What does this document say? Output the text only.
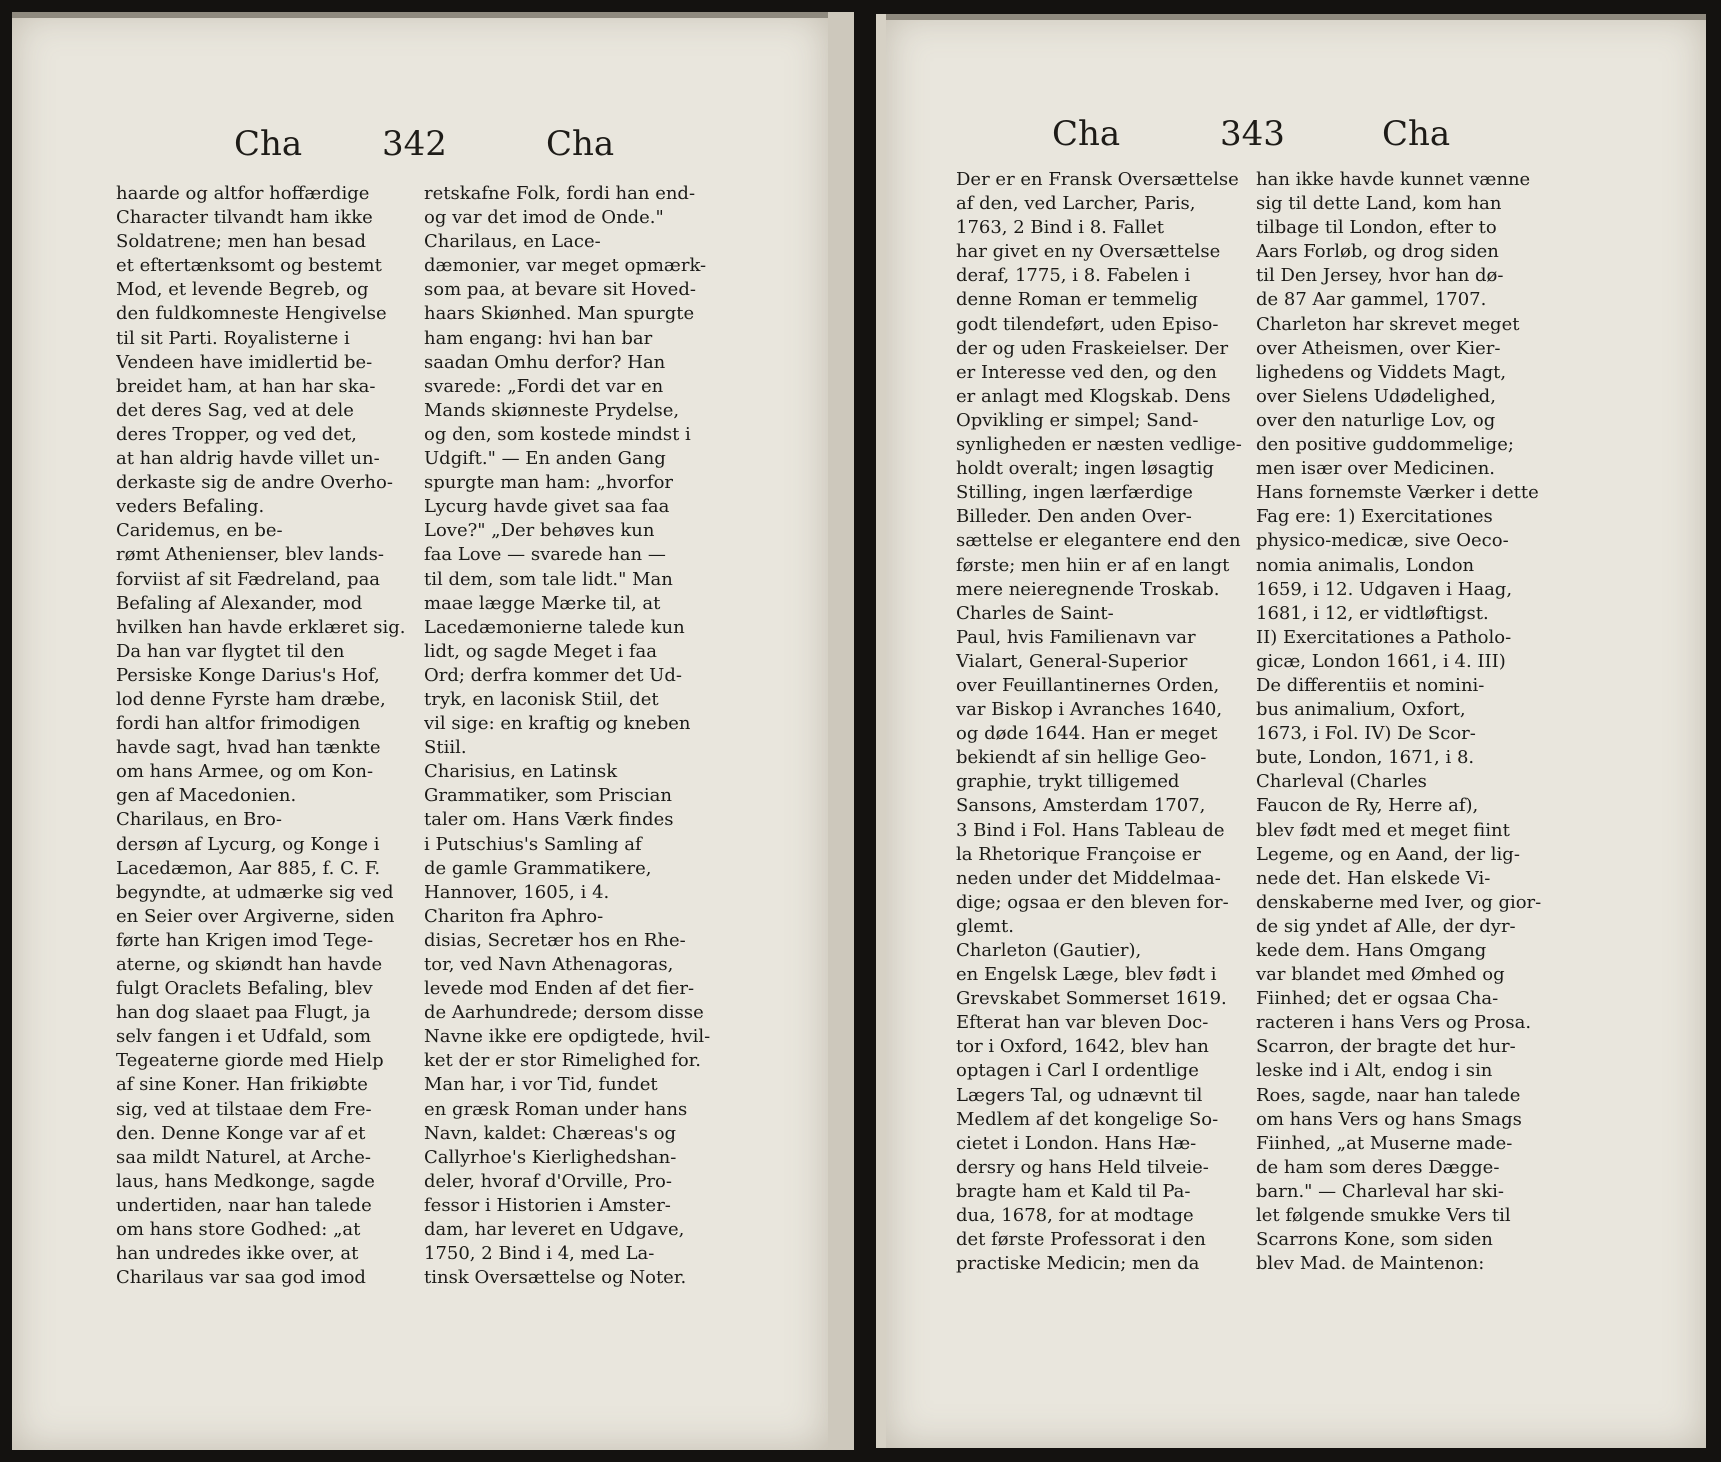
Cha 342	Cha
haarde og altfor hoffærdige
Character tilvandt ham ikke
Soldatrene; men han besad
et eftertænksomt og bestemt
Mod, et levende Begreb, og
den fuldkomneste Hengivelse
til sit Parti. Royalisterne i
Vendeen have imidlertid be-
breidet ham, at han har ska-
det deres Sag, ved at dele
deres Tropper, og ved det,
at han aldrig havde villet un-
derkaste sig de andre Overho-
veders Befaling.
Caridemus, en be-
rømt Athenienser, blev lands-
forviist af sit Fædreland, paa
Befaling af Alexander, mod
hvilken han havde erklæret sig.
Da han var flygtet til den
Persiske Konge Darius's Hof,
lod denne Fyrste ham dræbe,
fordi han altfor frimodigen
havde sagt, hvad han tænkte
om hans Armee, og om Kon-
gen af Macedonien.
Charilaus, en Bro-
dersøn af Lycurg, og Konge i
Lacedæmon, Aar 885, f. C. F.
begyndte, at udmærke sig ved
en Seier over Argiverne, siden
førte han Krigen imod Tege-
aterne, og skiøndt han havde
fulgt Oraclets Befaling, blev
han dog slaaet paa Flugt, ja
selv fangen i et Udfald, som
Tegeaterne giorde med Hielp
af sine Koner. Han frikiøbte
sig, ved at tilstaae dem Fre-
den. Denne Konge var af et
saa mildt Naturel, at Arche-
laus, hans Medkonge, sagde
undertiden, naar han talede
om hans store Godhed: „at
han undredes ikke over, at
Charilaus var saa god imod
retskafne Folk, fordi han end-
og var det imod de Onde."
Charilaus, en Lace-
dæmonier, var meget opmærk-
som paa, at bevare sit Hoved-
haars Skiønhed. Man spurgte
ham engang: hvi han bar
saadan Omhu derfor? Han
svarede: „Fordi det var en
Mands skiønneste Prydelse,
og den, som kostede mindst i
Udgift." — En anden Gang
spurgte man ham: „hvorfor
Lycurg havde givet saa faa
Love?" „Der behøves kun
faa Love — svarede han —
til dem, som tale lidt." Man
maae lægge Mærke til, at
Lacedæmonierne talede kun
lidt, og sagde Meget i faa
Ord; derfra kommer det Ud-
tryk, en laconisk Stiil, det
vil sige: en kraftig og kneben
Stiil.
Charisius, en Latinsk
Grammatiker, som Priscian
taler om. Hans Værk findes
i Putschius's Samling af
de gamle Grammatikere,
Hannover, 1605, i 4.
Chariton fra Aphro-
disias, Secretær hos en Rhe-
tor, ved Navn Athenagoras,
levede mod Enden af det fier-
de Aarhundrede; dersom disse
Navne ikke ere opdigtede, hvil-
ket der er stor Rimelighed for.
Man har, i vor Tid, fundet
en græsk Roman under hans
Navn, kaldet: Chæreas's og
Callyrhoe's Kierlighedshan-
deler, hvoraf d'Orville, Pro-
fessor i Historien i Amster-
dam, har leveret en Udgave,
1750, 2 Bind i 4, med La-
tinsk Oversættelse og Noter.
Cha	343	Cha
Der er en Fransk Oversættelse
af den, ved Larcher, Paris,
1763, 2 Bind i 8. Fallet
har givet en ny Oversættelse
deraf, 1775, i 8. Fabelen i
denne Roman er temmelig
godt tilendeført, uden Episo-
der og uden Fraskeielser. Der
er Interesse ved den, og den
er anlagt med Klogskab. Dens
Opvikling er simpel; Sand-
synligheden er næsten vedlige-
holdt overalt; ingen løsagtig
Stilling, ingen lærfærdige
Billeder. Den anden Over-
sættelse er elegantere end den
første; men hiin er af en langt
mere neieregnende Troskab.
Charles de Saint-
Paul, hvis Familienavn var
Vialart, General-Superior
over Feuillantinernes Orden,
var Biskop i Avranches 1640,
og døde 1644. Han er meget
bekiendt af sin hellige Geo-
graphie, trykt tilligemed
Sansons, Amsterdam 1707,
3 Bind i Fol. Hans Tableau de
la Rhetorique Françoise er
neden under det Middelmaa-
dige; ogsaa er den bleven for-
glemt.
Charleton (Gautier),
en Engelsk Læge, blev født i
Grevskabet Sommerset 1619.
Efterat han var bleven Doc-
tor i Oxford, 1642, blev han
optagen i Carl I ordentlige
Lægers Tal, og udnævnt til
Medlem af det kongelige So-
cietet i London. Hans Hæ-
dersry og hans Held tilveie-
bragte ham et Kald til Pa-
dua, 1678, for at modtage
det første Professorat i den
practiske Medicin; men da
han ikke havde kunnet vænne
sig til dette Land, kom han
tilbage til London, efter to
Aars Forløb, og drog siden
til Den Jersey, hvor han dø-
de 87 Aar gammel, 1707.
Charleton har skrevet meget
over Atheismen, over Kier-
lighedens og Viddets Magt,
over Sielens Udødelighed,
over den naturlige Lov, og
den positive guddommelige;
men især over Medicinen.
Hans fornemste Værker i dette
Fag ere: 1) Exercitationes
physico-medicæ, sive Oeco-
nomia animalis, London
1659, i 12. Udgaven i Haag,
1681, i 12, er vidtløftigst.
II) Exercitationes a Patholo-
gicæ, London 1661, i 4. III)
De differentiis et nomini-
bus animalium, Oxfort,
1673, i Fol. IV) De Scor-
bute, London, 1671, i 8.
Charleval (Charles
Faucon de Ry, Herre af),
blev født med et meget fiint
Legeme, og en Aand, der lig-
nede det. Han elskede Vi-
denskaberne med Iver, og gior-
de sig yndet af Alle, der dyr-
kede dem. Hans Omgang
var blandet med Ømhed og
Fiinhed; det er ogsaa Cha-
racteren i hans Vers og Prosa.
Scarron, der bragte det hur-
leske ind i Alt, endog i sin
Roes, sagde, naar han talede
om hans Vers og hans Smags
Fiinhed, „at Muserne made-
de ham som deres Dægge-
barn." — Charleval har ski-
let følgende smukke Vers til
Scarrons Kone, som siden
blev Mad. de Maintenon:
